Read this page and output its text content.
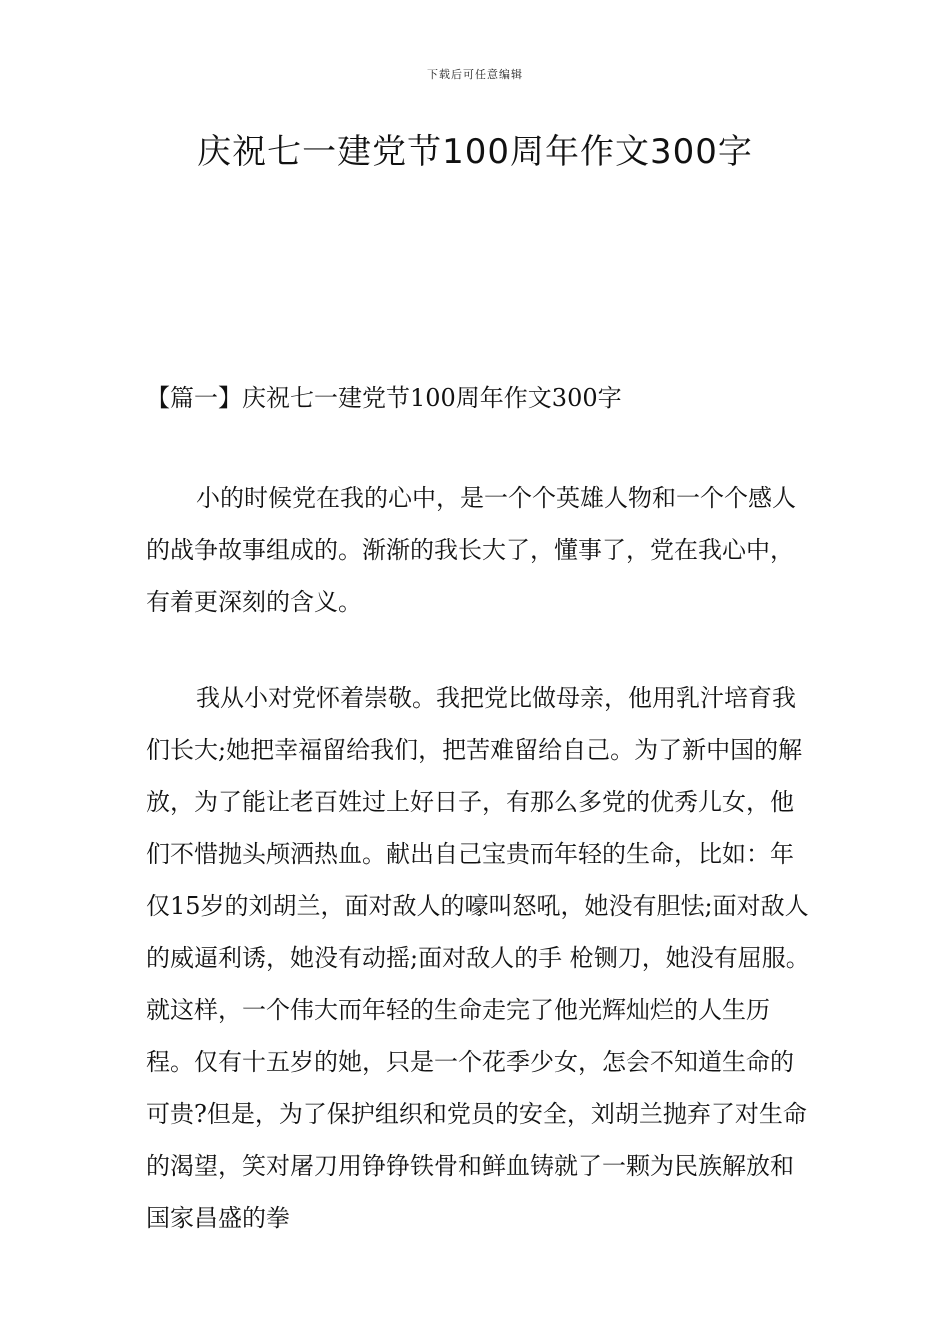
下载后可任意编辑
庆祝七一建党节100周年作文300字
【篇一】庆祝七一建党节100周年作文300字

小的时候党在我的心中，是一个个英雄人物和一个个感人的战争故事组成的。渐渐的我长大了，懂事了，党在我心中，有着更深刻的含义。

我从小对党怀着崇敬。我把党比做母亲，他用乳汁培育我们长大;她把幸福留给我们，把苦难留给自己。为了新中国的解放，为了能让老百姓过上好日子，有那么多党的优秀儿女，他们不惜抛头颅洒热血。献出自己宝贵而年轻的生命，比如：年仅15岁的刘胡兰，面对敌人的嚎叫怒吼，她没有胆怯;面对敌人的威逼利诱，她没有动摇;面对敌人的手 枪铡刀，她没有屈服。就这样，一个伟大而年轻的生命走完了他光辉灿烂的人生历程。仅有十五岁的她，只是一个花季少女，怎会不知道生命的可贵?但是，为了保护组织和党员的安全，刘胡兰抛弃了对生命的渴望，笑对屠刀用铮铮铁骨和鲜血铸就了一颗为民族解放和国家昌盛的拳
